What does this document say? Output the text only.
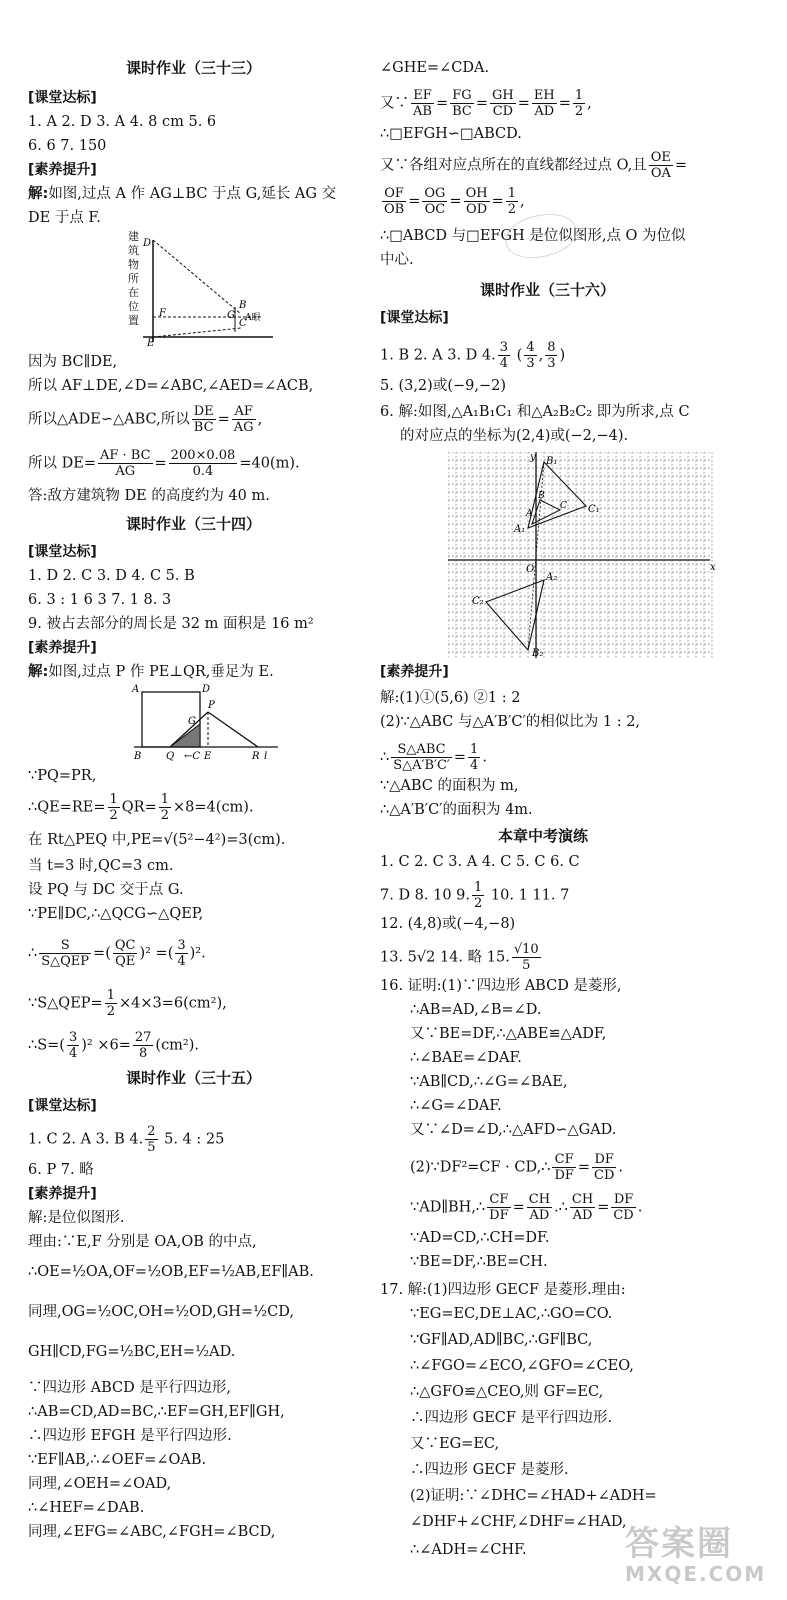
课时作业（三十三）
[课堂达标]
1. A 2. D 3. A 4. 8 cm 5. 6
6. 6 7. 150
[素养提升]
解:如图,过点 A 作 AG⊥BC 于点 G,延长 AG 交
DE 于点 F.
D
B
G
C
A眼
F
E
建筑物所在位置
因为 BC∥DE,
所以 AF⊥DE,∠D=∠ABC,∠AED=∠ACB,
所以△ADE∽△ABC,所以 $\frac{DE}{BC} = \frac{AF}{AG}$ ,
所以 $DE= \frac{AF \cdot BC}{AG} = \frac{200\times 0.08}{0.4} =40(m)$.
答:敌方建筑物 DE 的高度约为 40 m.
课时作业（三十四）
[课堂达标]
1. D 2. C 3. D 4. C 5. B
6. 3 : 1 6 3 7. 1 8. 3
9. 被占去部分的周长是 32 m 面积是 16 m²
[素养提升]
解:如图,过点 P 作 PE⊥QR,垂足为 E.
A	D
G
P
B Q ←C E	R l
∵PQ=PR,
∴QE=RE= $\frac{1}{2} QR= \frac{1}{2} \times 8=4(cm)$.
在 Rt△PEQ 中,PE=√(5²−4²)=3(cm).
当 t=3 时,QC=3 cm.
设 PQ 与 DC 交于点 G.
∵PE∥DC,∴△QCG∽△QEP,
∴ $\frac{S}{\text{S△QEP}}$ =( $\frac{QC}{QE} )^2$ =( $\frac{3}{4} )^2$.
∵S△QEP= $\frac{1}{2} \times 4\times 3=6(cm^2)$,
∴S=( $\frac{3}{4} )^2 \times 6= \frac{27}{8} (cm^2)$.
课时作业（三十五）
[课堂达标]
1. C 2. A 3. B 4. $\frac{2}{5} 5$. 4 : 25
6. P 7. 略
[素养提升]
解:是位似图形.
理由:∵E,F 分别是 OA,OB 的中点,
∴OE=½OA,OF=½OB,EF=½AB,EF∥AB.
同理,OG=½OC,OH=½OD,GH=½CD,
GH∥CD,FG=½BC,EH=½AD.
∵四边形 ABCD 是平行四边形,
∴AB=CD,AD=BC,∴EF=GH,EF∥GH,
∴四边形 EFGH 是平行四边形.
∵EF∥AB,∴∠OEF=∠OAB.
同理,∠OEH=∠OAD,
∴∠HEF=∠DAB.
同理,∠EFG=∠ABC,∠FGH=∠BCD,
∠GHE=∠CDA.
又∵ $\frac{EF}{AB} = \frac{FG}{BC} = \frac{GH}{CD} = \frac{EH}{AD} = \frac{1}{2}$ ,
∴□EFGH∽□ABCD.
又∵各组对应点所在的直线都经过点 O,且 $\frac{OE}{OA}$ =
$\frac{OF}{OB} = \frac{OG}{OC} = \frac{OH}{OD} = \frac{1}{2}$ ,
∴□ABCD 与□EFGH 是位似图形,点 O 为位似
中心.
课时作业（三十六）
[课堂达标]
1. B 2. A 3. D 4. $\frac{3}{4}$ ( $\frac{4}{3}$ , $\frac{8}{3}$ )
5. (3,2)或(−9,−2)
6. 解:如图,△A₁B₁C₁ 和△A₂B₂C₂ 即为所求,点 C
的对应点的坐标为(2,4)或(−2,−4).
y
x
O
B₁
B₂
A₁
A₂
C₁
C₂
A
B
C
[素养提升]
解:(1)①(5,6) ②1 : 2
(2)∵△ABC 与△A′B′C′的相似比为 1 : 2,
∴ $\frac{\text{S△ABC}}{S\triangle A'B'C'} = \frac{1}{4}$ .
∵△ABC 的面积为 m,
∴△A′B′C′的面积为 4m.
本章中考演练
1. C 2. C 3. A 4. C 5. C 6. C
7. D 8. 10 9. $\frac{1}{2} 10$. 1 11. 7
12. (4,8)或(−4,−8)
13. 5√2 14. 略 15. $\frac{√10}{5}$
16. 证明:(1)∵四边形 ABCD 是菱形,
∴AB=AD,∠B=∠D.
又∵BE=DF,∴△ABE≌△ADF,
∴∠BAE=∠DAF.
∵AB∥CD,∴∠G=∠BAE,
∴∠G=∠DAF.
又∵∠D=∠D,∴△AFD∽△GAD.
(2)∵DF²=CF · CD,∴ $\frac{CF}{DF} = \frac{DF}{CD}$ .
∵AD∥BH,∴ $\frac{CF}{DF} = \frac{CH}{AD}$ .∴ $\frac{CH}{AD} = \frac{DF}{CD}$ .
∵AD=CD,∴CH=DF.
∵BE=DF,∴BE=CH.
17. 解:(1)四边形 GECF 是菱形.理由:
∵EG=EC,DE⊥AC,∴GO=CO.
∵GF∥AD,AD∥BC,∴GF∥BC,
∴∠FGO=∠ECO,∠GFO=∠CEO,
∴△GFO≌△CEO,则 GF=EC,
∴四边形 GECF 是平行四边形.
又∵EG=EC,
∴四边形 GECF 是菱形.
(2)证明:∵∠DHC=∠HAD+∠ADH=
∠DHF+∠CHF,∠DHF=∠HAD,
∴∠ADH=∠CHF.	答案圈
MXQE.COM
